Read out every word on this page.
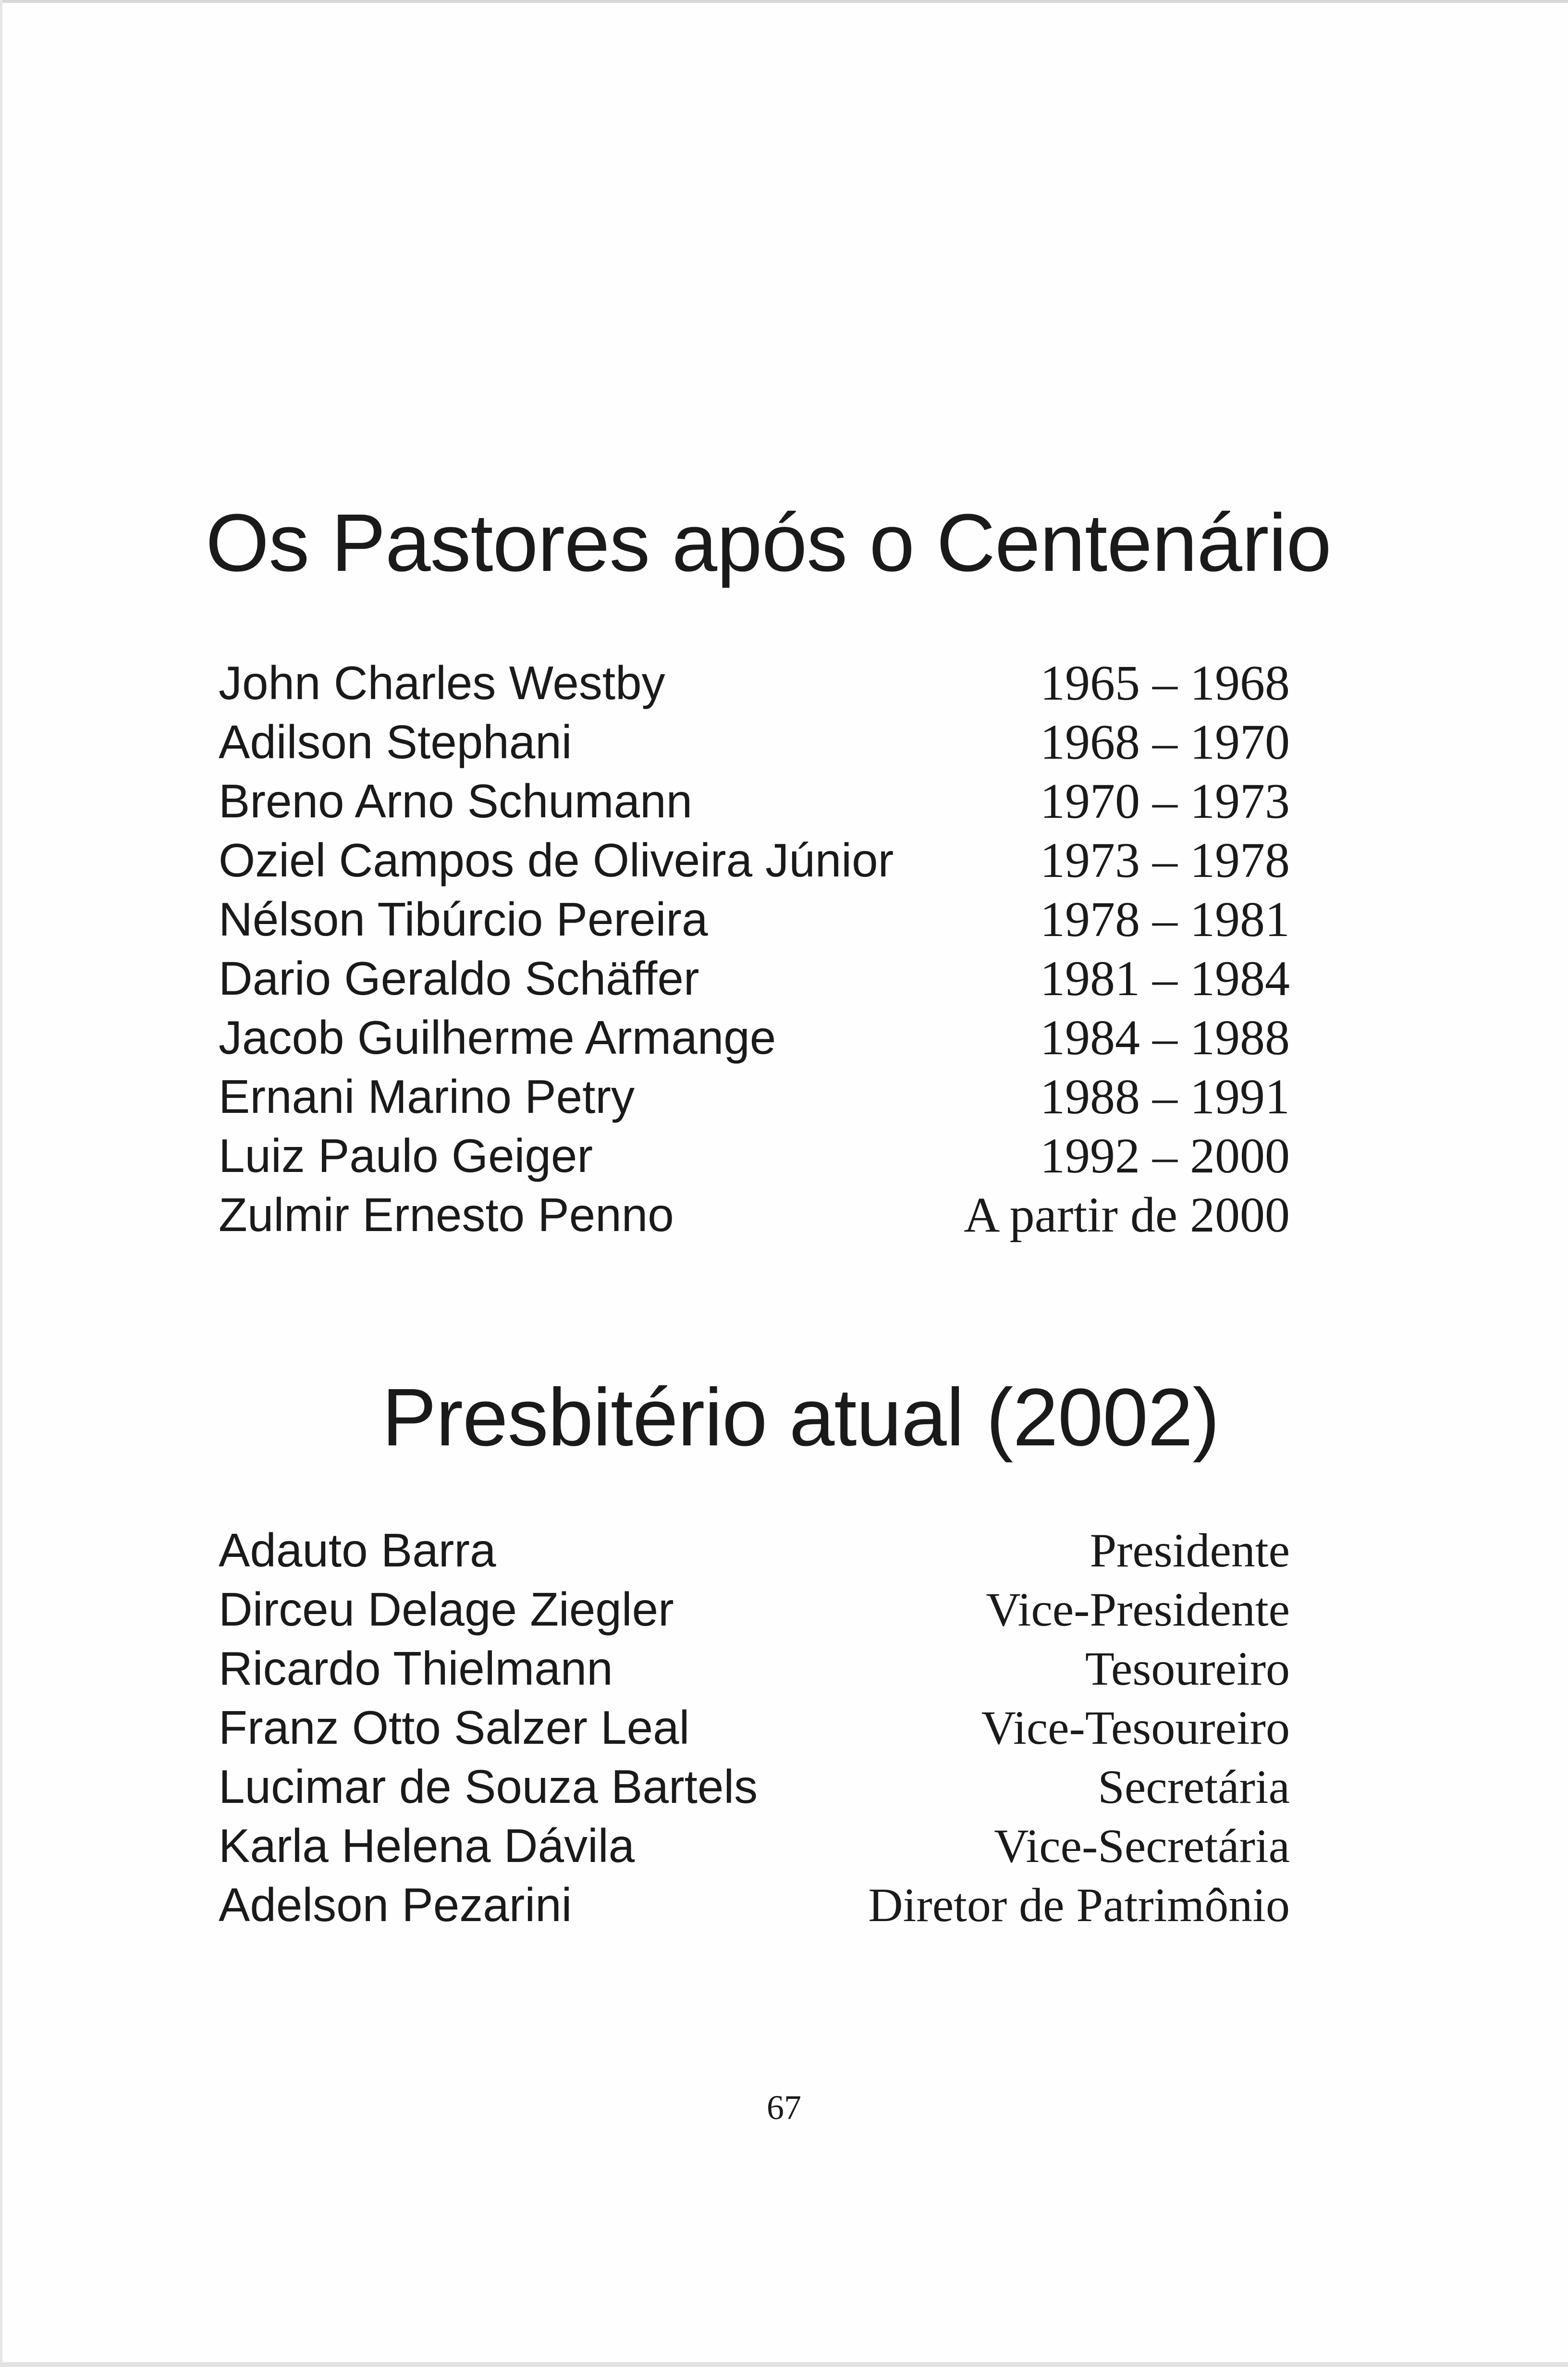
Os Pastores após o Centenário
John Charles Westby	1965 – 1968
Adilson Stephani	1968 – 1970
Breno Arno Schumann	1970 – 1973
Oziel Campos de Oliveira Júnior	1973 – 1978
Nélson Tibúrcio Pereira	1978 – 1981
Dario Geraldo Schäffer	1981 – 1984
Jacob Guilherme Armange	1984 – 1988
Ernani Marino Petry	1988 – 1991
Luiz Paulo Geiger	1992 – 2000
Zulmir Ernesto Penno	A partir de 2000
Presbitério atual (2002)
Adauto Barra	Presidente
Dirceu Delage Ziegler	Vice-Presidente
Ricardo Thielmann	Tesoureiro
Franz Otto Salzer Leal	Vice-Tesoureiro
Lucimar de Souza Bartels	Secretária
Karla Helena Dávila	Vice-Secretária
Adelson Pezarini	Diretor de Patrimônio
67
